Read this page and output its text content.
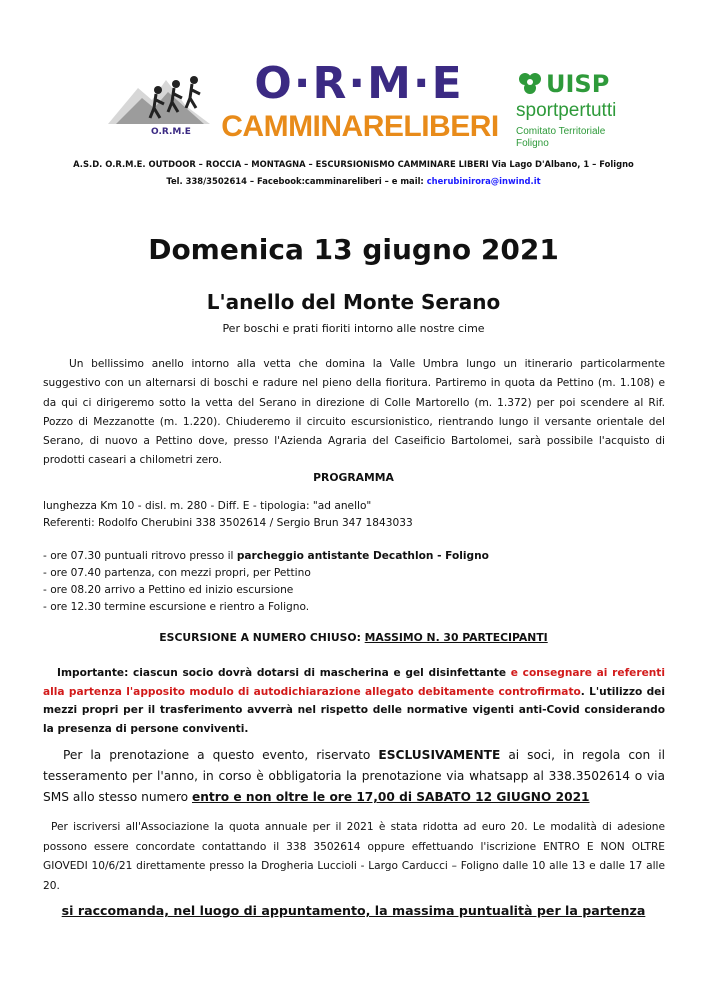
O.R.M.E
O·R·M·E
CAMMINARELIBERI
UISP
sportpertutti
Comitato Territoriale Foligno
A.S.D. O.R.M.E. OUTDOOR – ROCCIA – MONTAGNA – ESCURSIONISMO CAMMINARE LIBERI Via Lago D'Albano, 1 – Foligno
Tel. 338/3502614 – Facebook:camminareliberi – e mail: cherubinirora@inwind.it
Domenica 13 giugno 2021
L'anello del Monte Serano
Per boschi e prati fioriti intorno alle nostre cime
Un bellissimo anello intorno alla vetta che domina la Valle Umbra lungo un itinerario particolarmente suggestivo con un alternarsi di boschi e radure nel pieno della fioritura. Partiremo in quota da Pettino (m. 1.108) e da qui ci dirigeremo sotto la vetta del Serano in direzione di Colle Martorello (m. 1.372) per poi scendere al Rif. Pozzo di Mezzanotte (m. 1.220). Chiuderemo il circuito escursionistico, rientrando lungo il versante orientale del Serano, di nuovo a Pettino dove, presso l'Azienda Agraria del Caseificio Bartolomei, sarà possibile l'acquisto di prodotti caseari a chilometri zero.
PROGRAMMA
lunghezza Km 10 - disl. m. 280 - Diff. E - tipologia: "ad anello"
Referenti: Rodolfo Cherubini 338 3502614 / Sergio Brun 347 1843033
- ore 07.30 puntuali ritrovo presso il parcheggio antistante Decathlon - Foligno
- ore 07.40 partenza, con mezzi propri, per Pettino
- ore 08.20 arrivo a Pettino ed inizio escursione
- ore 12.30 termine escursione e rientro a Foligno.
ESCURSIONE A NUMERO CHIUSO: MASSIMO N. 30 PARTECIPANTI
Importante: ciascun socio dovrà dotarsi di mascherina e gel disinfettante e consegnare ai referenti alla partenza l'apposito modulo di autodichiarazione allegato debitamente controfirmato. L'utilizzo dei mezzi propri per il trasferimento avverrà nel rispetto delle normative vigenti anti-Covid considerando la presenza di persone conviventi.
Per la prenotazione a questo evento, riservato ESCLUSIVAMENTE ai soci, in regola con il tesseramento per l'anno, in corso è obbligatoria la prenotazione via whatsapp al 338.3502614 o via SMS allo stesso numero entro e non oltre le ore 17,00 di SABATO 12 GIUGNO 2021
Per iscriversi all'Associazione la quota annuale per il 2021 è stata ridotta ad euro 20. Le modalità di adesione possono essere concordate contattando il 338 3502614 oppure effettuando l'iscrizione ENTRO E NON OLTRE GIOVEDI 10/6/21 direttamente presso la Drogheria Luccioli - Largo Carducci – Foligno dalle 10 alle 13 e dalle 17 alle 20.
si raccomanda, nel luogo di appuntamento, la massima puntualità per la partenza
